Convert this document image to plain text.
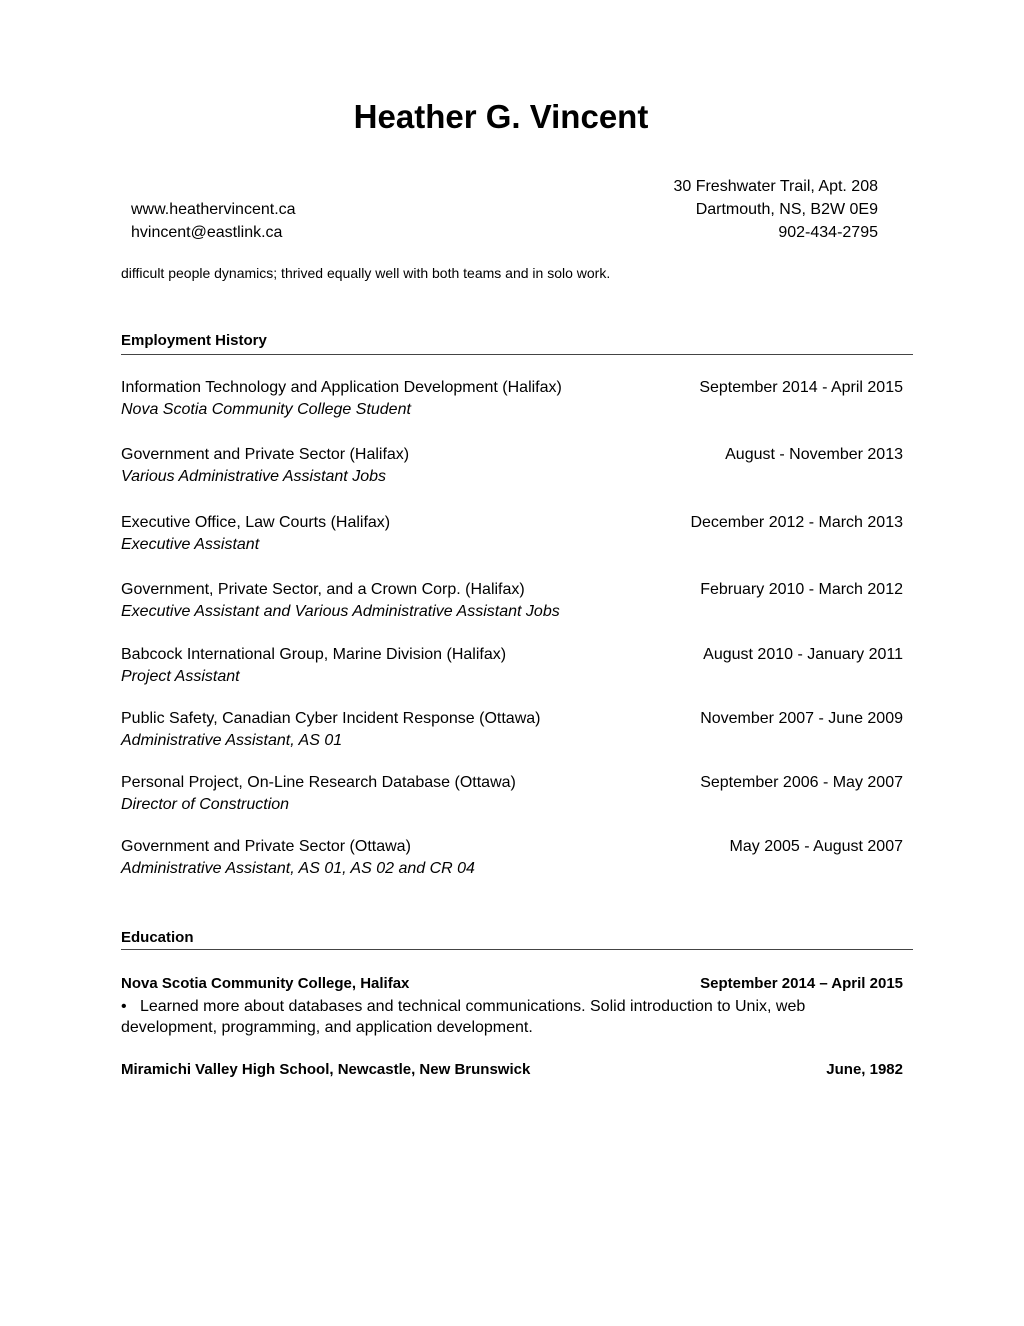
Heather G. Vincent
30 Freshwater Trail, Apt. 208
www.heathervincent.ca	Dartmouth, NS, B2W 0E9
hvincent@eastlink.ca	902-434-2795
difficult people dynamics; thrived equally well with both teams and in solo work.
Employment History
Information Technology and Application Development (Halifax)	September 2014 - April 2015
Nova Scotia Community College Student
Government and Private Sector (Halifax)	August - November 2013
Various Administrative Assistant Jobs
Executive Office, Law Courts (Halifax)	December 2012 - March 2013
Executive Assistant
Government, Private Sector, and a Crown Corp. (Halifax)	February 2010 - March 2012
Executive Assistant and Various Administrative Assistant Jobs
Babcock International Group, Marine Division (Halifax)	August 2010 - January 2011
Project Assistant
Public Safety, Canadian Cyber Incident Response (Ottawa)	November 2007 - June 2009
Administrative Assistant, AS 01
Personal Project, On-Line Research Database (Ottawa)	September 2006 - May 2007
Director of Construction
Government and Private Sector (Ottawa)	May 2005 - August 2007
Administrative Assistant, AS 01, AS 02 and CR 04
Education
Nova Scotia Community College, Halifax	September 2014 – April 2015
• Learned more about databases and technical communications. Solid introduction to Unix, web development, programming, and application development.
Miramichi Valley High School, Newcastle, New Brunswick	June, 1982
